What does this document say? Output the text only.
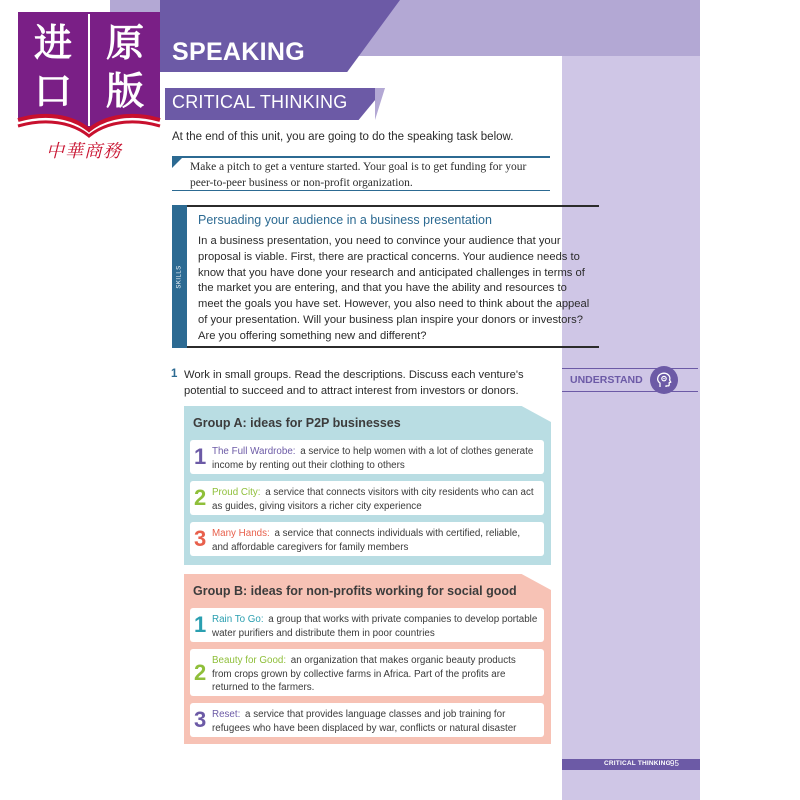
SPEAKING
CRITICAL THINKING
At the end of this unit, you are going to do the speaking task below.
Make a pitch to get a venture started. Your goal is to get funding for your peer-to-peer business or non-profit organization.
SKILLS
Persuading your audience in a business presentation
In a business presentation, you need to convince your audience that your proposal is viable. First, there are practical concerns. Your audience needs to know that you have done your research and anticipated challenges in terms of the market you are entering, and that you have the ability and resources to meet the goals you have set. However, you also need to think about the appeal of your presentation. Will your business plan inspire your donors or investors? Are you offering something new and different?
1 Work in small groups. Read the descriptions. Discuss each venture's potential to succeed and to attract interest from investors or donors.
UNDERSTAND
Group A: ideas for P2P businesses
1 The Full Wardrobe: a service to help women with a lot of clothes generate income by renting out their clothing to others
2 Proud City: a service that connects visitors with city residents who can act as guides, giving visitors a richer city experience
3 Many Hands: a service that connects individuals with certified, reliable, and affordable caregivers for family members
Group B: ideas for non-profits working for social good
1 Rain To Go: a group that works with private companies to develop portable water purifiers and distribute them in poor countries
2 Beauty for Good: an organization that makes organic beauty products from crops grown by collective farms in Africa. Part of the profits are returned to the farmers.
3 Reset: a service that provides language classes and job training for refugees who have been displaced by war, conflicts or natural disaster
CRITICAL THINKING 95
进 原
口 版
中華商務
